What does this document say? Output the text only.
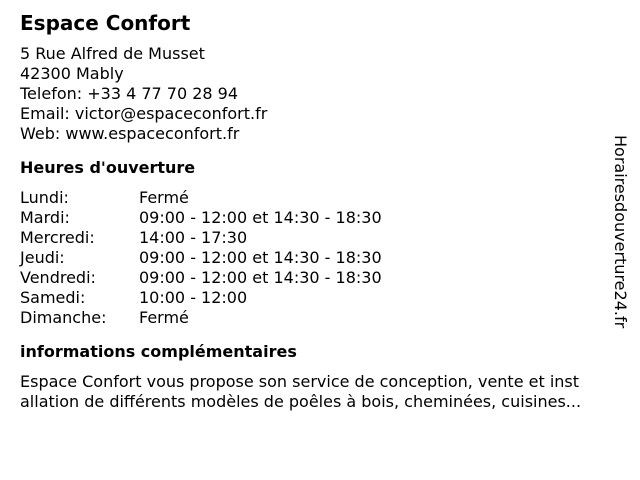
Espace Confort
5 Rue Alfred de Musset
42300 Mably
Telefon: +33 4 77 70 28 94
Email: victor@espaceconfort.fr
Web: www.espaceconfort.fr
Heures d'ouverture
Lundi:	Fermé
Mardi:	09:00 - 12:00 et 14:30 - 18:30
Mercredi:	14:00 - 17:30
Jeudi:	09:00 - 12:00 et 14:30 - 18:30
Vendredi:	09:00 - 12:00 et 14:30 - 18:30
Samedi:	10:00 - 12:00
Dimanche:	Fermé
informations complémentaires
Espace Confort vous propose son service de conception, vente et inst
allation de différents modèles de poêles à bois, cheminées, cuisines...
Horairesdouverture24.fr
